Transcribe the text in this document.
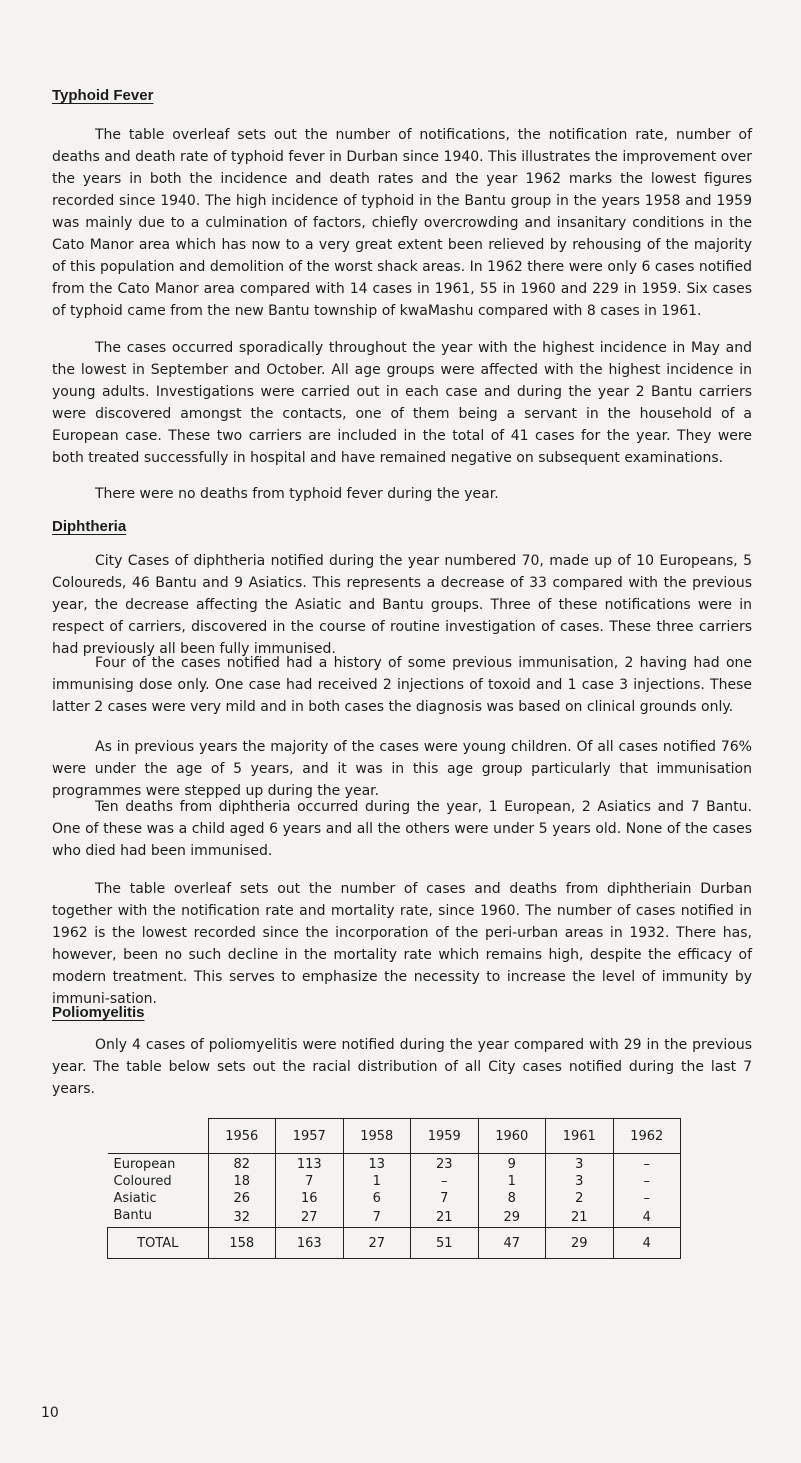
Typhoid Fever

The table overleaf sets out the number of notifications, the notification rate, number of deaths and death rate of typhoid fever in Durban since 1940. This illustrates the improvement over the years in both the incidence and death rates and the year 1962 marks the lowest figures recorded since 1940. The high incidence of typhoid in the Bantu group in the years 1958 and 1959 was mainly due to a culmination of factors, chiefly overcrowding and insanitary conditions in the Cato Manor area which has now to a very great extent been relieved by rehousing of the majority of this population and demolition of the worst shack areas. In 1962 there were only 6 cases notified from the Cato Manor area compared with 14 cases in 1961, 55 in 1960 and 229 in 1959. Six cases of typhoid came from the new Bantu township of kwaMashu compared with 8 cases in 1961.

The cases occurred sporadically throughout the year with the highest incidence in May and the lowest in September and October. All age groups were affected with the highest incidence in young adults. Investigations were carried out in each case and during the year 2 Bantu carriers were discovered amongst the contacts, one of them being a servant in the household of a European case. These two carriers are included in the total of 41 cases for the year. They were both treated successfully in hospital and have remained negative on subsequent examinations.

There were no deaths from typhoid fever during the year.

Diphtheria

City Cases of diphtheria notified during the year numbered 70, made up of 10 Europeans, 5 Coloureds, 46 Bantu and 9 Asiatics. This represents a decrease of 33 compared with the previous year, the decrease affecting the Asiatic and Bantu groups. Three of these notifications were in respect of carriers, discovered in the course of routine investigation of cases. These three carriers had previously all been fully immunised.

Four of the cases notified had a history of some previous immunisation, 2 having had one immunising dose only. One case had received 2 injections of toxoid and 1 case 3 injections. These latter 2 cases were very mild and in both cases the diagnosis was based on clinical grounds only.

As in previous years the majority of the cases were young children. Of all cases notified 76% were under the age of 5 years, and it was in this age group particularly that immunisation programmes were stepped up during the year.

Ten deaths from diphtheria occurred during the year, 1 European, 2 Asiatics and 7 Bantu. One of these was a child aged 6 years and all the others were under 5 years old. None of the cases who died had been immunised.

The table overleaf sets out the number of cases and deaths from diphtheriain Durban together with the notification rate and mortality rate, since 1960. The number of cases notified in 1962 is the lowest recorded since the incorporation of the peri-urban areas in 1932. There has, however, been no such decline in the mortality rate which remains high, despite the efficacy of modern treatment. This serves to emphasize the necessity to increase the level of immunity by immuni-sation.

Poliomyelitis

Only 4 cases of poliomyelitis were notified during the year compared with 29 in the previous year. The table below sets out the racial distribution of all City cases notified during the last 7 years.

	1956	1957	1958	1959	1960	1961	1962
European	82	113	13	23	9	3	–
Coloured	18	7	1	–	1	3	–
Asiatic	26	16	6	7	8	2	–
Bantu	32	27	7	21	29	21	4
TOTAL	158	163	27	51	47	29	4
10
